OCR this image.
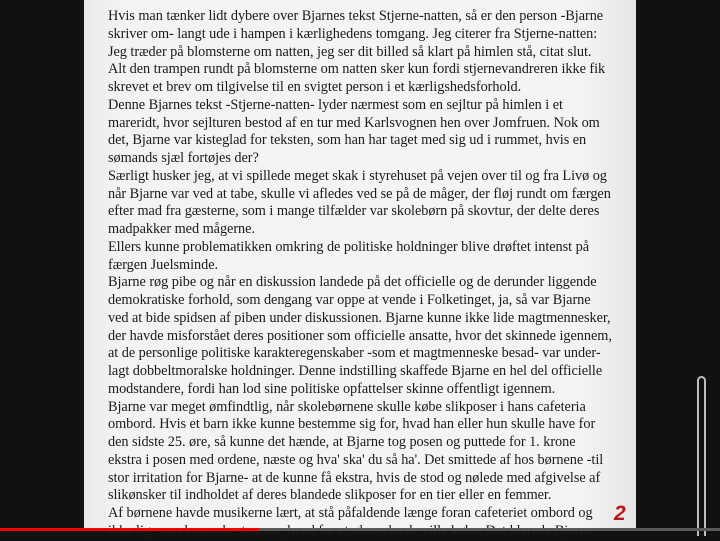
Hvis man tænker lidt dybere over Bjarnes tekst Stjerne-natten, så er den person -Bjarne
skriver om- langt ude i hampen i kærlighedens tomgang. Jeg citerer fra Stjerne-natten:
Jeg træder på blomsterne om natten, jeg ser dit billed så klart på himlen stå, citat slut.
Alt den trampen rundt på blomsterne om natten sker kun fordi stjernevandreren ikke fik
skrevet et brev om tilgivelse til en svigtet person i et kærligshedsforhold.
Denne Bjarnes tekst -Stjerne-natten- lyder nærmest som en sejltur på himlen i et
mareridt, hvor sejlturen bestod af en tur med Karlsvognen hen over Jomfruen. Nok om
det, Bjarne var kisteglad for teksten, som han har taget med sig ud i rummet, hvis en
sømands sjæl fortøjes der?
Særligt husker jeg, at vi spillede meget skak i styrehuset på vejen over til og fra Livø og
når Bjarne var ved at tabe, skulle vi afledes ved se på de måger, der fløj rundt om færgen
efter mad fra gæsterne, som i mange tilfælder var skolebørn på skovtur, der delte deres
madpakker med mågerne.
Ellers kunne problematikken omkring de politiske holdninger blive drøftet intenst på
færgen Juelsminde.
Bjarne røg pibe og når en diskussion landede på det officielle og de derunder liggende
demokratiske forhold, som dengang var oppe at vende i Folketinget, ja, så var Bjarne
ved at bide spidsen af piben under diskussionen. Bjarne kunne ikke lide magtmennesker,
der havde misforstået deres positioner som officielle ansatte, hvor det skinnede igennem,
at de personlige politiske karakteregenskaber -som et magtmenneske besad- var under-
lagt dobbeltmoralske holdninger. Denne indstilling skaffede Bjarne en hel del officielle
modstandere, fordi han lod sine politiske opfattelser skinne offentligt igennem.
Bjarne var meget ømfindtlig, når skolebørnene skulle købe slikposer i hans cafeteria
ombord. Hvis et barn ikke kunne bestemme sig for, hvad han eller hun skulle have for
den sidste 25. øre, så kunne det hænde, at Bjarne tog posen og puttede for 1. krone
ekstra i posen med ordene, næste og hva' ska' du så ha'. Det smittede af hos børnene -til
stor irritation for Bjarne- at de kunne få ekstra, hvis de stod og nølede med afgivelse af
slikønsker til indholdet af deres blandede slikposer for en tier eller en femmer.
Af børnene havde musikerne lært, at stå påfaldende længe foran cafeteriet ombord og	2
